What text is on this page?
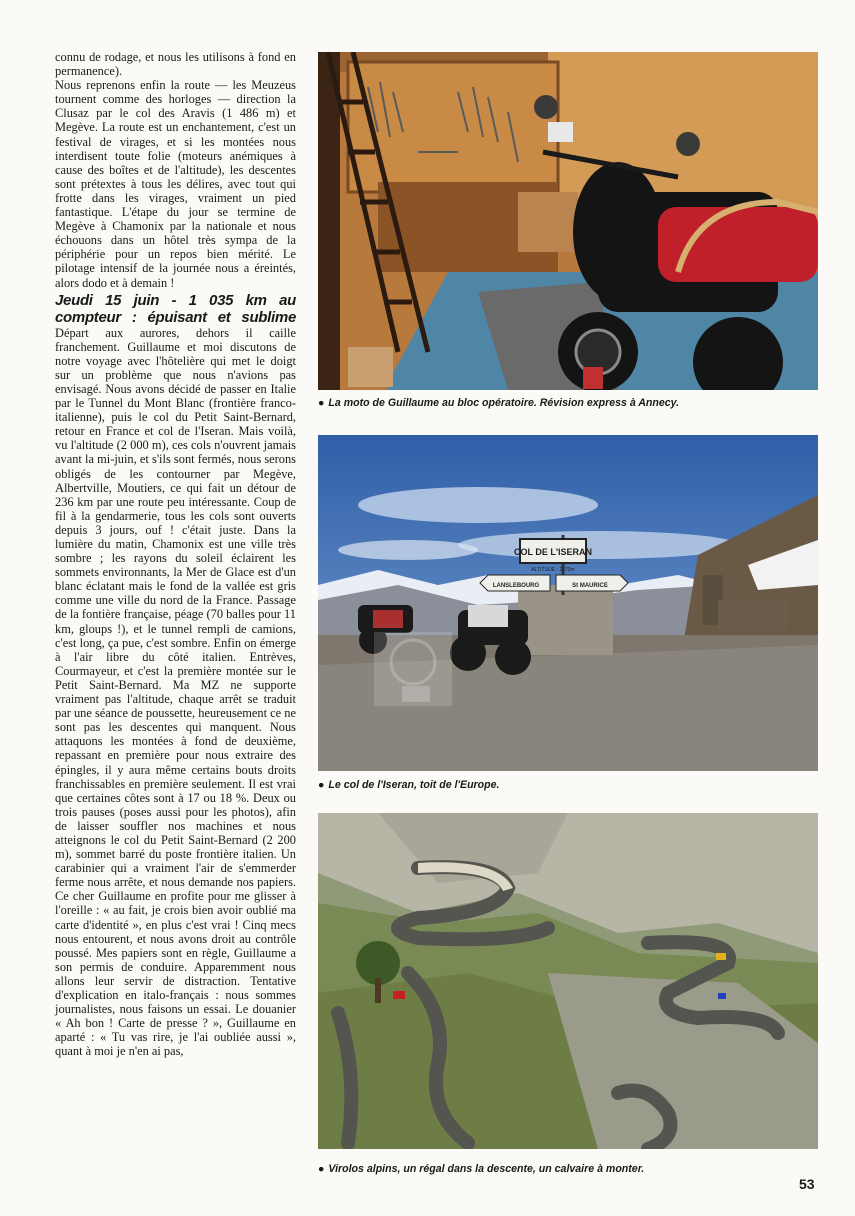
connu de rodage, et nous les utilisons à fond en permanence).

Nous reprenons enfin la route — les Meuzeus tournent comme des horloges — direction la Clusaz par le col des Aravis (1 486 m) et Megève. La route est un enchantement, c'est un festival de virages, et si les montées nous interdisent toute folie (moteurs anémiques à cause des boîtes et de l'altitude), les descentes sont prétextes à tous les délires, avec tout qui frotte dans les virages, vraiment un pied fantastique. L'étape du jour se termine de Megève à Chamonix par la nationale et nous échouons dans un hôtel très sympa de la périphérie pour un repos bien mérité. Le pilotage intensif de la journée nous a éreintés, alors dodo et à demain !

Jeudi 15 juin - 1 035 km au compteur : épuisant et sublime Départ aux aurores, dehors il caille franchement. Guillaume et moi discutons de notre voyage avec l'hôtelière qui met le doigt sur un problème que nous n'avions pas envisagé. Nous avons décidé de passer en Italie par le Tunnel du Mont Blanc (frontière franco-italienne), puis le col du Petit Saint-Bernard, retour en France et col de l'Iseran. Mais voilà, vu l'altitude (2 000 m), ces cols n'ouvrent jamais avant la mi-juin, et s'ils sont fermés, nous serons obligés de les contourner par Megève, Albertville, Moutiers, ce qui fait un détour de 236 km par une route peu intéressante. Coup de fil à la gendarmerie, tous les cols sont ouverts depuis 3 jours, ouf ! c'était juste. Dans la lumière du matin, Chamonix est une ville très sombre ; les rayons du soleil éclairent les sommets environnants, la Mer de Glace est d'un blanc éclatant mais le fond de la vallée est gris comme une ville du nord de la France. Passage de la fontière française, péage (70 balles pour 11 km, gloups !), et le tunnel rempli de camions, c'est long, ça pue, c'est sombre. Enfin on émerge à l'air libre du côté italien. Entrèves, Courmayeur, et c'est la première montée sur le Petit Saint-Bernard. Ma MZ ne supporte vraiment pas l'altitude, chaque arrêt se traduit par une séance de poussette, heureusement ce ne sont pas les descentes qui manquent. Nous attaquons les montées à fond de deuxième, repassant en première pour nous extraire des épingles, il y aura même certains bouts droits franchissables en première seulement. Il est vrai que certaines côtes sont à 17 ou 18 %. Deux ou trois pauses (poses aussi pour les photos), afin de laisser souffler nos machines et nous atteignons le col du Petit Saint-Bernard (2 200 m), sommet barré du poste frontière italien. Un carabinier qui a vraiment l'air de s'emmerder ferme nous arrête, et nous demande nos papiers. Ce cher Guillaume en profite pour me glisser à l'oreille : « au fait, je crois bien avoir oublié ma carte d'identité », en plus c'est vrai ! Cinq mecs nous entourent, et nous avons droit au contrôle poussé. Mes papiers sont en règle, Guillaume a son permis de conduire. Apparemment nous allons leur servir de distraction. Tentative d'explication en italo-français : nous sommes journalistes, nous faisons un essai. Le douanier « Ah bon ! Carte de presse ? », Guillaume en aparté : « Tu vas rire, je l'ai oubliée aussi », quant à moi je n'en ai pas,

● La moto de Guillaume au bloc opératoire. Révision express à Annecy.
COL DE L'ISERAN
ALTITUDE : 2770m
LANSLEBOURG	St MAURICE
● Le col de l'Iseran, toit de l'Europe.
● Virolos alpins, un régal dans la descente, un calvaire à monter.
53
